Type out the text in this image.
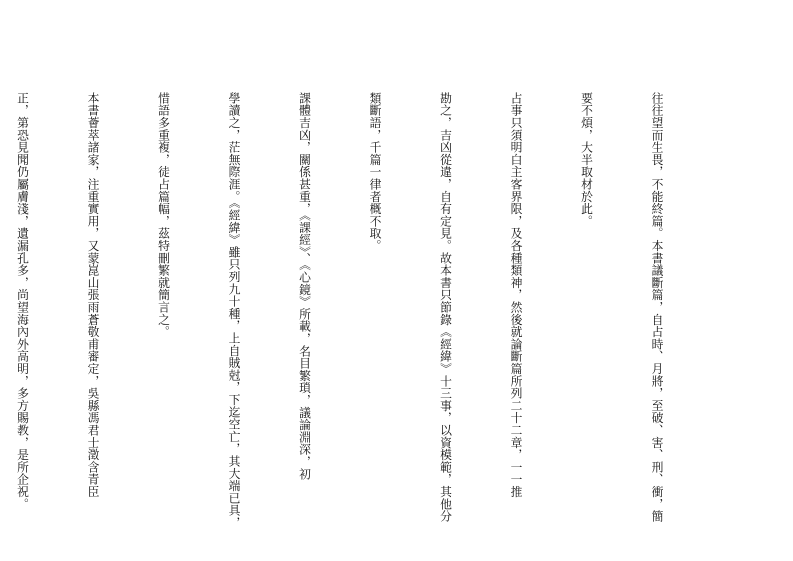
往往望而生畏，不能終篇。本書議斷篇，自占時、月將，至破、害、刑、衝，簡

要不煩，大半取材於此。

占事只須明白主客界限，及各種類神，然後就論斷篇所列二十二章，一一推

勘之，吉凶從違，自有定見。故本書只節錄《經緯》十三事，以資模範，其他分

類斷語，千篇一律者概不取。

課體吉凶，關係甚重，《課經》、《心鏡》所載，名目繁瑣，議論淵深，初

學讀之，茫無際涯。《經緯》雖只列九十種，上自賊尅，下迄空亡，其大端已具，

惜語多重複，徒占篇幅，茲特刪繁就簡言之。

本書薈萃諸家，注重實用，又蒙崑山張雨蒼敬甫審定，吳縣馮君士澂含青臣

正，第恐見聞仍屬膚淺，遺漏孔多，尚望海內外高明，多方賜教，是所企祝。
